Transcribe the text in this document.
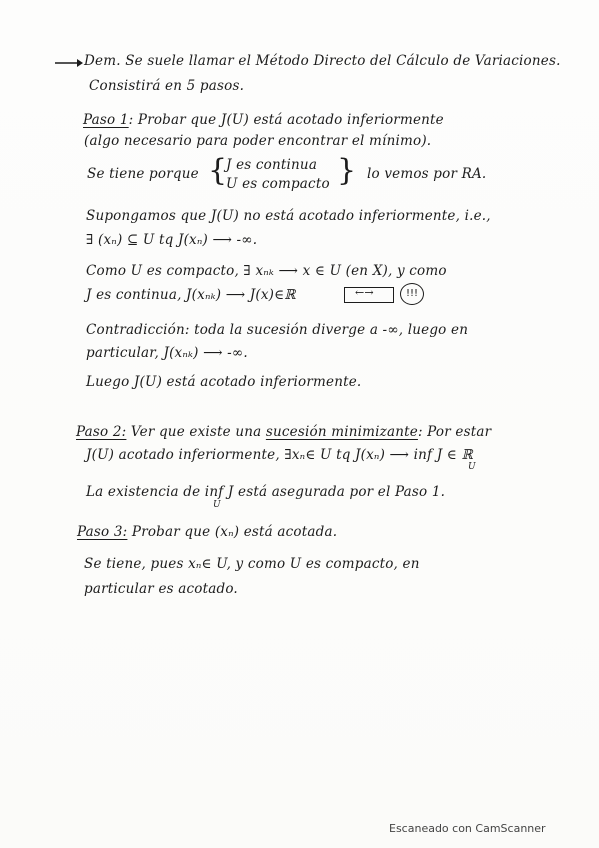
Dem. Se suele llamar el Método Directo del Cálculo de Variaciones.
Consistirá en 5 pasos.
Paso 1: Probar que J(U) está acotado inferiormente
(algo necesario para poder encontrar el mínimo).
Se tiene porque {
J es continua
U es compacto } lo vemos por RA.
Supongamos que J(U) no está acotado inferiormente, i.e.,
∃ (xₙ) ⊆ U tq J(xₙ) ⟶ -∞.
Como U es compacto, ∃ xₙₖ ⟶ x ∈ U (en X), y como
J es continua, J(xₙₖ) ⟶ J(x)∈ℝ	←→	!!!
Contradicción: toda la sucesión diverge a -∞, luego en
particular, J(xₙₖ) ⟶ -∞.
Luego J(U) está acotado inferiormente.
Paso 2: Ver que existe una sucesión minimizante: Por estar
J(U) acotado inferiormente, ∃xₙ∈ U tq J(xₙ) ⟶ inf J ∈ ℝ
U
La existencia de inf J está asegurada por el Paso 1.
U
Paso 3: Probar que (xₙ) está acotada.
Se tiene, pues xₙ∈ U, y como U es compacto, en
particular es acotado.
Escaneado con CamScanner
